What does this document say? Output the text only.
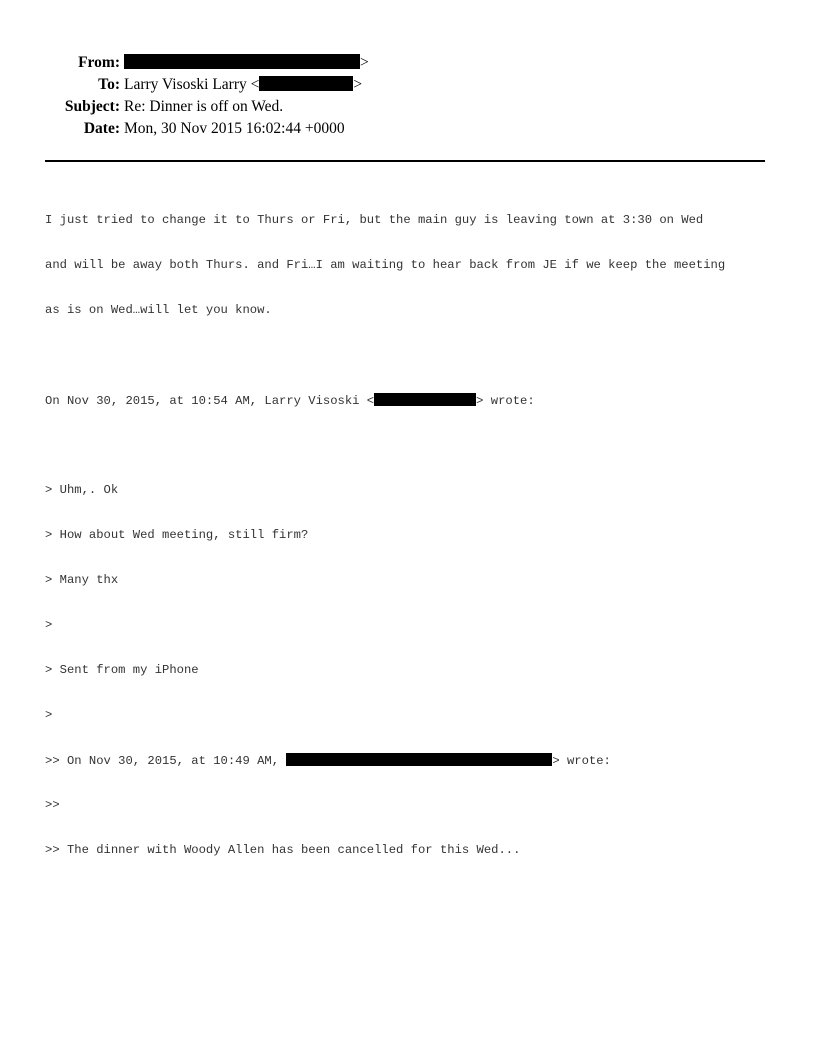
From:	>
To: Larry Visoski Larry <	>
Subject: Re: Dinner is off on Wed.
Date: Mon, 30 Nov 2015 16:02:44 +0000

I just tried to change it to Thurs or Fri, but the main guy is leaving town at 3:30 on Wed

and will be away both Thurs. and Fri…I am waiting to hear back from JE if we keep the meeting

as is on Wed…will let you know.

On Nov 30, 2015, at 10:54 AM, Larry Visoski <	> wrote:

> Uhm,. Ok

> How about Wed meeting, still firm?

> Many thx

>

> Sent from my iPhone

>

>> On Nov 30, 2015, at 10:49 AM,	> wrote:

>>

>> The dinner with Woody Allen has been cancelled for this Wed...
